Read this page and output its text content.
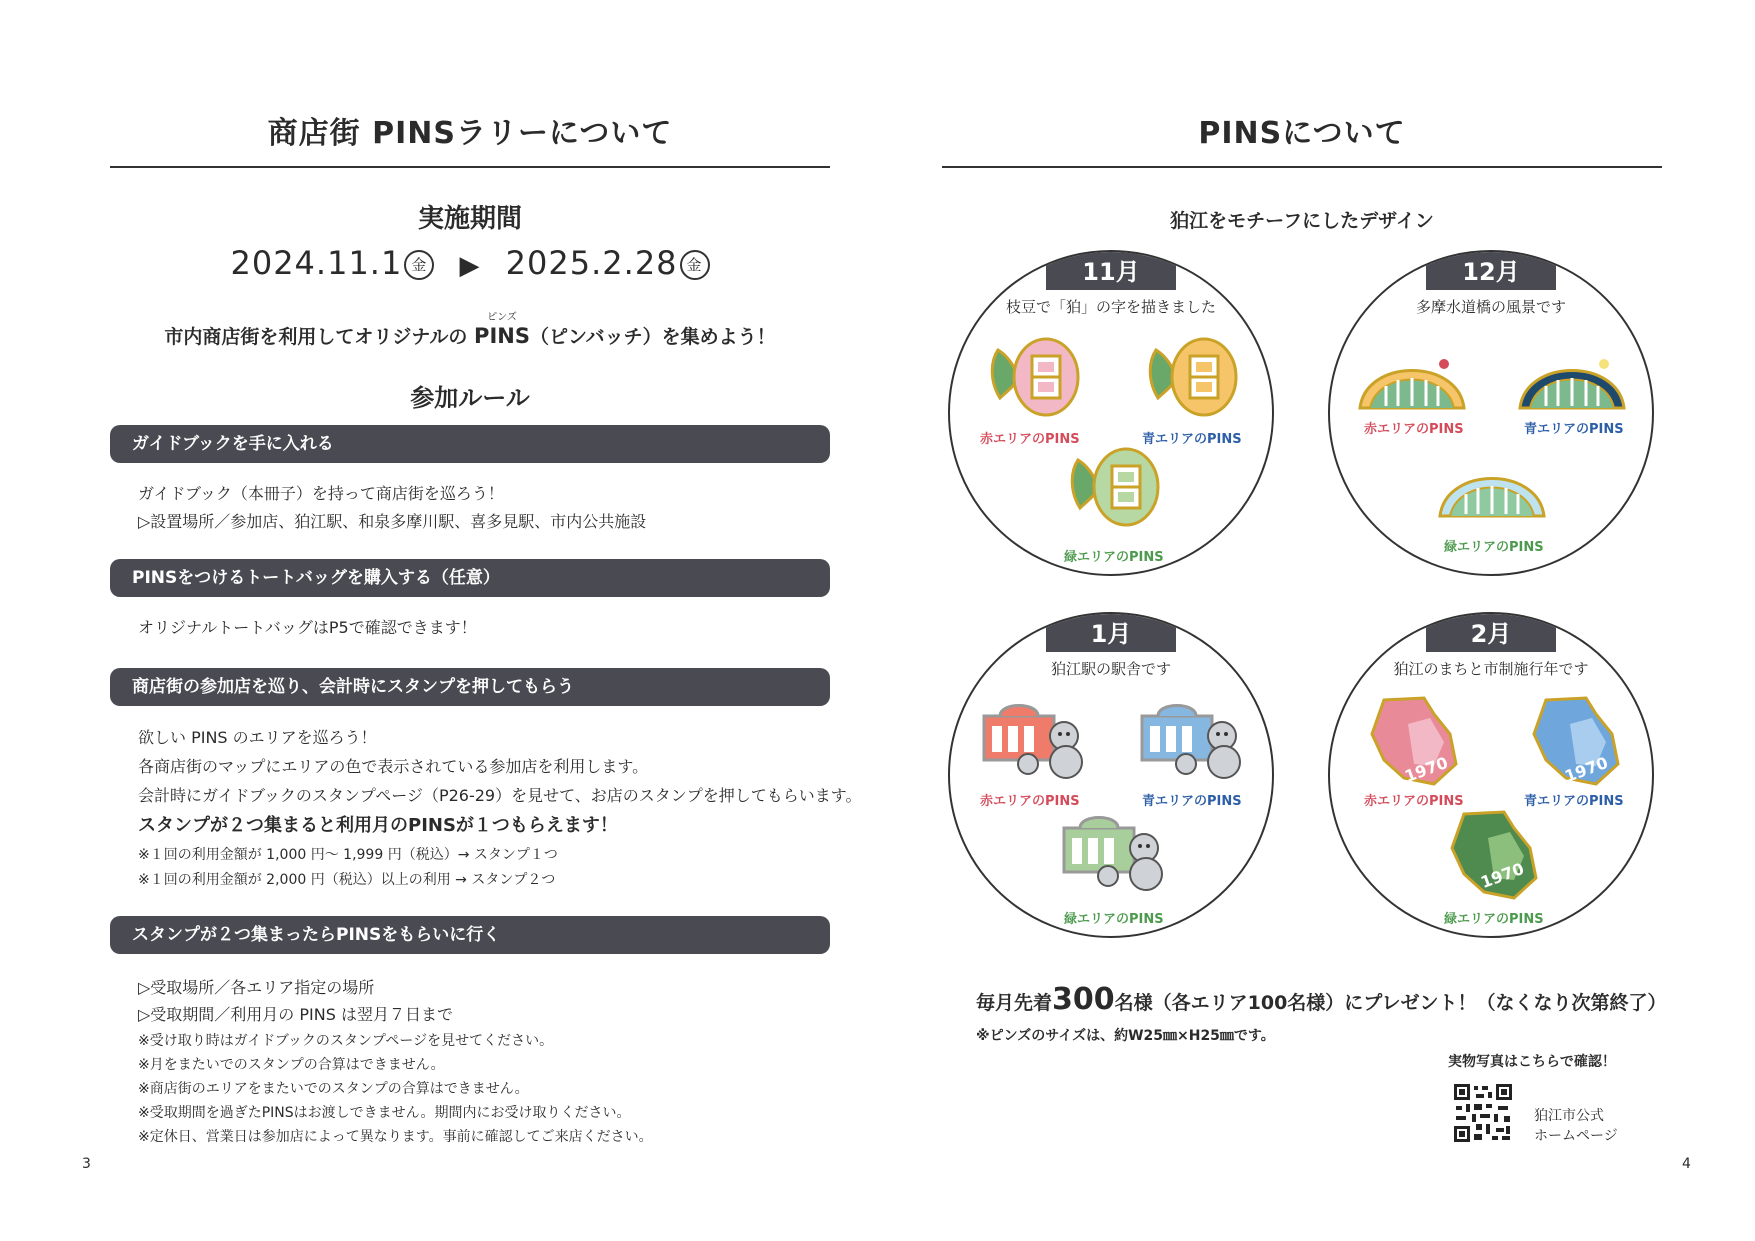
商店街 PINSラリーについて
実施期間
2024.11.1 金 ▶ 2025.2.28 金
市内商店街を利用してオリジナルの
ピンズ
PINS（ピンバッチ）を集めよう！
参加ルール
ガイドブックを手に入れる
ガイドブック（本冊子）を持って商店街を巡ろう！
▷設置場所／参加店、狛江駅、和泉多摩川駅、喜多見駅、市内公共施設
PINSをつけるトートバッグを購入する（任意）
オリジナルトートバッグはP5で確認できます！
商店街の参加店を巡り、会計時にスタンプを押してもらう
欲しい PINS のエリアを巡ろう！
各商店街のマップにエリアの色で表示されている参加店を利用します。
会計時にガイドブックのスタンプページ（P26-29）を見せて、お店のスタンプを押してもらいます。
スタンプが２つ集まると利用月のPINSが１つもらえます！
※１回の利用金額が 1,000 円～ 1,999 円（税込）→ スタンプ１つ
※１回の利用金額が 2,000 円（税込）以上の利用 → スタンプ２つ
スタンプが２つ集まったらPINSをもらいに行く
▷受取場所／各エリア指定の場所
▷受取期間／利用月の PINS は翌月７日まで
※受け取り時はガイドブックのスタンプページを見せてください。
※月をまたいでのスタンプの合算はできません。
※商店街のエリアをまたいでのスタンプの合算はできません。
※受取期間を過ぎたPINSはお渡しできません。期間内にお受け取りください。
※定休日、営業日は参加店によって異なります。事前に確認してご来店ください。
3
PINSについて
狛江をモチーフにしたデザイン
11月
枝豆で「狛」の字を描きました
赤エリアのPINS	青エリアのPINS
緑エリアのPINS
12月
多摩水道橋の風景です
赤エリアのPINS	青エリアのPINS
緑エリアのPINS
1月
狛江駅の駅舎です
赤エリアのPINS	青エリアのPINS
緑エリアのPINS
2月
狛江のまちと市制施行年です
1970
赤エリアのPINS
1970
青エリアのPINS
1970
緑エリアのPINS
毎月先着300名様（各エリア100名様）にプレゼント！（なくなり次第終了）
※ピンズのサイズは、約W25㎜×H25㎜です。
実物写真はこちらで確認！
狛江市公式
ホームページ
4
